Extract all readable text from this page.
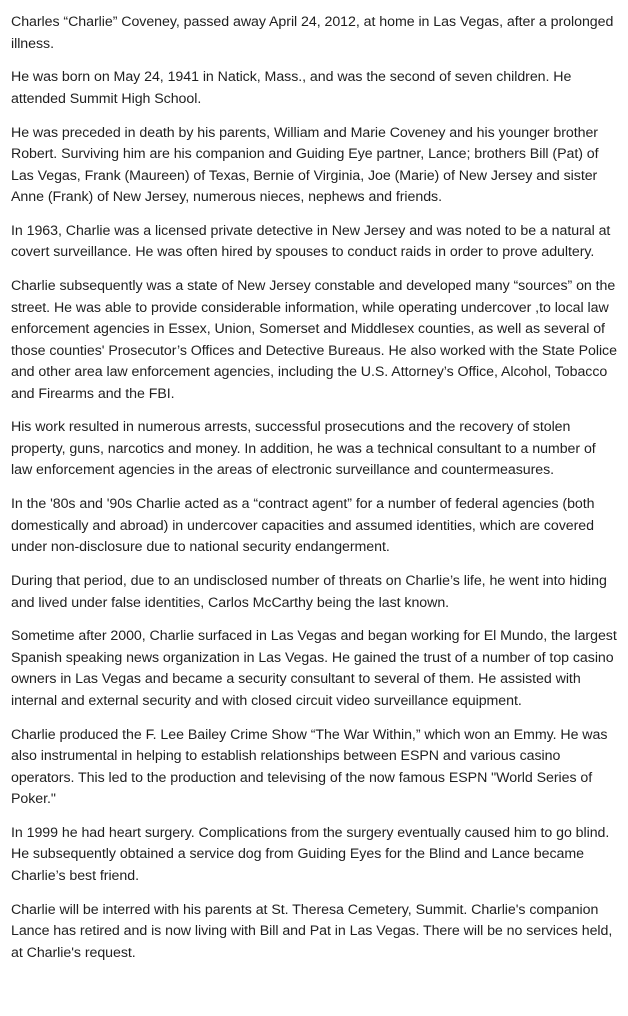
Charles “Charlie” Coveney, passed away April 24, 2012, at home in Las Vegas, after a prolonged illness.

He was born on May 24, 1941 in Natick, Mass., and was the second of seven children. He attended Summit High School.

He was preceded in death by his parents, William and Marie Coveney and his younger brother Robert. Surviving him are his companion and Guiding Eye partner, Lance; brothers Bill (Pat) of Las Vegas, Frank (Maureen) of Texas, Bernie of Virginia, Joe (Marie) of New Jersey and sister Anne (Frank) of New Jersey, numerous nieces, nephews and friends.

In 1963, Charlie was a licensed private detective in New Jersey and was noted to be a natural at covert surveillance. He was often hired by spouses to conduct raids in order to prove adultery.

Charlie subsequently was a state of New Jersey constable and developed many “sources” on the street. He was able to provide considerable information, while operating undercover ,to local law enforcement agencies in Essex, Union, Somerset and Middlesex counties, as well as several of those counties' Prosecutor’s Offices and Detective Bureaus. He also worked with the State Police and other area law enforcement agencies, including the U.S. Attorney’s Office, Alcohol, Tobacco and Firearms and the FBI.

His work resulted in numerous arrests, successful prosecutions and the recovery of stolen property, guns, narcotics and money. In addition, he was a technical consultant to a number of law enforcement agencies in the areas of electronic surveillance and countermeasures.

In the '80s and '90s Charlie acted as a “contract agent” for a number of federal agencies (both domestically and abroad) in undercover capacities and assumed identities, which are covered under non-disclosure due to national security endangerment.

During that period, due to an undisclosed number of threats on Charlie’s life, he went into hiding and lived under false identities, Carlos McCarthy being the last known.

Sometime after 2000, Charlie surfaced in Las Vegas and began working for El Mundo, the largest Spanish speaking news organization in Las Vegas. He gained the trust of a number of top casino owners in Las Vegas and became a security consultant to several of them. He assisted with internal and external security and with closed circuit video surveillance equipment.

Charlie produced the F. Lee Bailey Crime Show “The War Within,” which won an Emmy. He was also instrumental in helping to establish relationships between ESPN and various casino operators. This led to the production and televising of the now famous ESPN "World Series of Poker."

In 1999 he had heart surgery. Complications from the surgery eventually caused him to go blind. He subsequently obtained a service dog from Guiding Eyes for the Blind and Lance became Charlie’s best friend.

Charlie will be interred with his parents at St. Theresa Cemetery, Summit. Charlie's companion Lance has retired and is now living with Bill and Pat in Las Vegas. There will be no services held, at Charlie's request.
